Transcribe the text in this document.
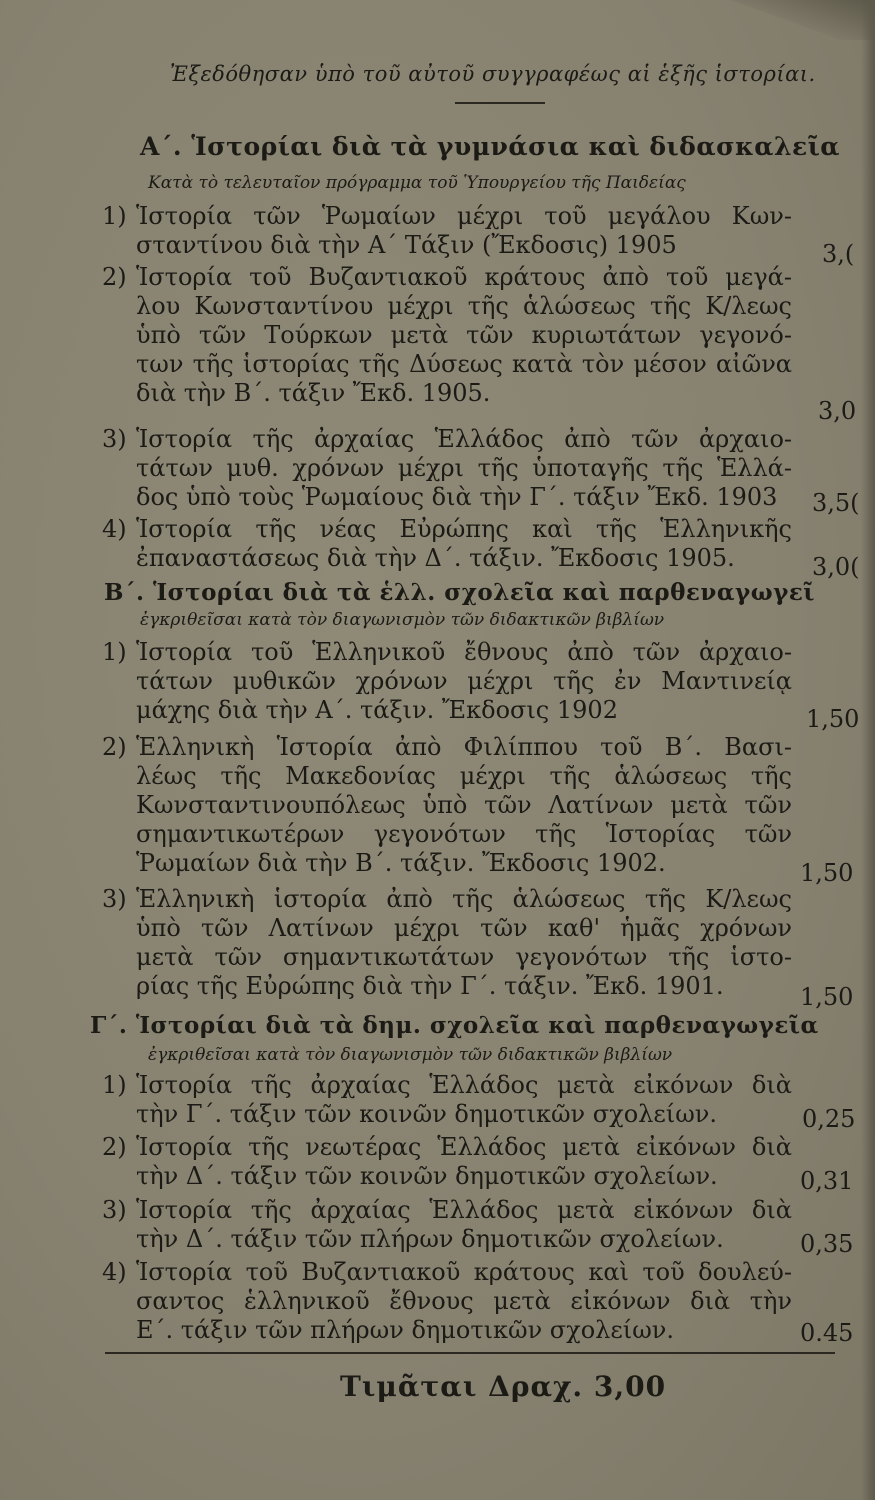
Ἐξεδόθησαν ὑπὸ τοῦ αὐτοῦ συγγραφέως αἱ ἑξῆς ἱστορίαι.
Α΄. Ἱστορίαι διὰ τὰ γυμνάσια καὶ διδασκαλεῖα
Κατὰ τὸ τελευταῖον πρόγραμμα τοῦ Ὑπουργείου τῆς Παιδείας
1) Ἱστορία τῶν Ῥωμαίων μέχρι τοῦ μεγάλου Κων-
σταντίνου διὰ τὴν Α΄ Τάξιν (Ἔκδοσις) 1905	3,(
2) Ἱστορία τοῦ Βυζαντιακοῦ κράτους ἀπὸ τοῦ μεγά-
λου Κωνσταντίνου μέχρι τῆς ἁλώσεως τῆς Κ/λεως
ὑπὸ τῶν Τούρκων μετὰ τῶν κυριωτάτων γεγονό-
των τῆς ἱστορίας τῆς Δύσεως κατὰ τὸν μέσον αἰῶνα
διὰ τὴν Β΄. τάξιν Ἔκδ. 1905.
3,0
3) Ἱστορία τῆς ἀρχαίας Ἑλλάδος ἀπὸ τῶν ἀρχαιο-
τάτων μυθ. χρόνων μέχρι τῆς ὑποταγῆς τῆς Ἑλλά-
δος ὑπὸ τοὺς Ῥωμαίους διὰ τὴν Γ΄. τάξιν Ἔκδ. 1903	3,5(
4) Ἱστορία τῆς νέας Εὐρώπης καὶ τῆς Ἑλληνικῆς
ἐπαναστάσεως διὰ τὴν Δ΄. τάξιν. Ἔκδοσις 1905.	3,0(
Β΄. Ἱστορίαι διὰ τὰ ἑλλ. σχολεῖα καὶ παρθεναγωγεῖ
ἐγκριθεῖσαι κατὰ τὸν διαγωνισμὸν τῶν διδακτικῶν βιβλίων
1) Ἱστορία τοῦ Ἑλληνικοῦ ἔθνους ἀπὸ τῶν ἀρχαιο-
τάτων μυθικῶν χρόνων μέχρι τῆς ἐν Μαντινείᾳ
μάχης διὰ τὴν Α΄. τάξιν. Ἔκδοσις 1902	1,50
2) Ἑλληνικὴ Ἱστορία ἀπὸ Φιλίππου τοῦ Β΄. Βασι-
λέως τῆς Μακεδονίας μέχρι τῆς ἁλώσεως τῆς
Κωνσταντινουπόλεως ὑπὸ τῶν Λατίνων μετὰ τῶν
σημαντικωτέρων γεγονότων τῆς Ἱστορίας τῶν
Ῥωμαίων διὰ τὴν Β΄. τάξιν. Ἔκδοσις 1902.	1,50
3) Ἑλληνικὴ ἱστορία ἀπὸ τῆς ἁλώσεως τῆς Κ/λεως
ὑπὸ τῶν Λατίνων μέχρι τῶν καθ' ἡμᾶς χρόνων
μετὰ τῶν σημαντικωτάτων γεγονότων τῆς ἱστο-
ρίας τῆς Εὐρώπης διὰ τὴν Γ΄. τάξιν. Ἔκδ. 1901.	1,50
Γ΄. Ἱστορίαι διὰ τὰ δημ. σχολεῖα καὶ παρθεναγωγεῖα
ἐγκριθεῖσαι κατὰ τὸν διαγωνισμὸν τῶν διδακτικῶν βιβλίων
1) Ἱστορία τῆς ἀρχαίας Ἑλλάδος μετὰ εἰκόνων διὰ
τὴν Γ΄. τάξιν τῶν κοινῶν δημοτικῶν σχολείων.	0,25
2) Ἱστορία τῆς νεωτέρας Ἑλλάδος μετὰ εἰκόνων διὰ
τὴν Δ΄. τάξιν τῶν κοινῶν δημοτικῶν σχολείων.	0,31
3) Ἱστορία τῆς ἀρχαίας Ἑλλάδος μετὰ εἰκόνων διὰ
τὴν Δ΄. τάξιν τῶν πλήρων δημοτικῶν σχολείων.	0,35
4) Ἱστορία τοῦ Βυζαντιακοῦ κράτους καὶ τοῦ δουλεύ-
σαντος ἑλληνικοῦ ἔθνους μετὰ εἰκόνων διὰ τὴν
Ε΄. τάξιν τῶν πλήρων δημοτικῶν σχολείων.	0.45
Τιμᾶται Δραχ. 3,00
